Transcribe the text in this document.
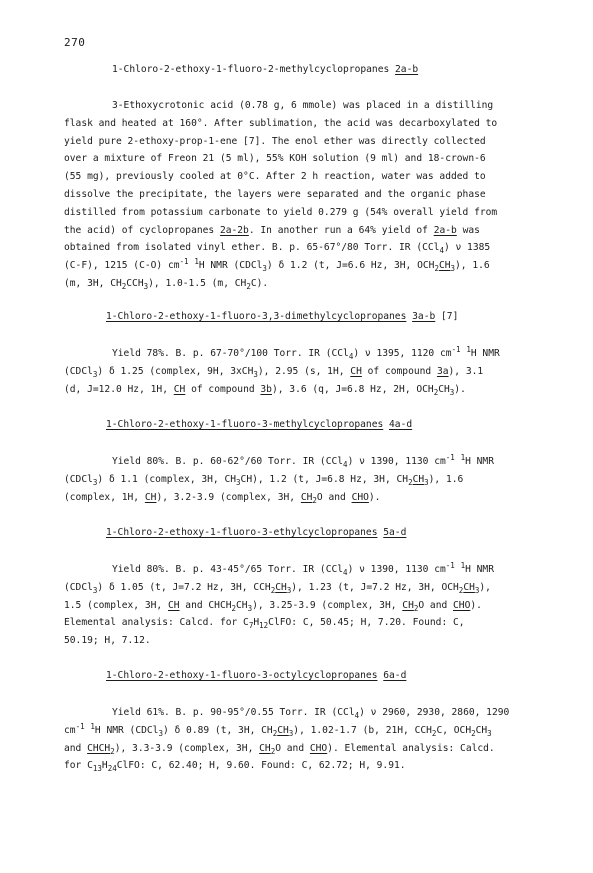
270
1-Chloro-2-ethoxy-1-fluoro-2-methylcyclopropanes 2a-b
3-Ethoxycrotonic acid (0.78 g, 6 mmole) was placed in a distilling
flask and heated at 160°. After sublimation, the acid was decarboxylated to
yield pure 2-ethoxy-prop-1-ene [7]. The enol ether was directly collected
over a mixture of Freon 21 (5 ml), 55% KOH solution (9 ml) and 18-crown-6
(55 mg), previously cooled at 0°C. After 2 h reaction, water was added to
dissolve the precipitate, the layers were separated and the organic phase
distilled from potassium carbonate to yield 0.279 g (54% overall yield from
the acid) of cyclopropanes 2a-2b. In another run a 64% yield of 2a-b was
obtained from isolated vinyl ether. B. p. 65-67°/80 Torr. IR (CCl$_4$) ν 1385
(C-F), 1215 (C-O) $cm^{-1}$ $^1$H NMR (CDCl$_3$) δ 1.2 (t, J=6.6 Hz, 3H, $OCH_2CH_3$), 1.6
(m, 3H, $CH_2CCH_3$), 1.0-1.5 (m, $CH_2C$).
1-Chloro-2-ethoxy-1-fluoro-3,3-dimethylcyclopropanes 3a-b [7]
Yield 78%. B. p. 67-70°/100 Torr. IR (CCl$_4$) ν 1395, 1120 $cm^{-1}$ $^1$H NMR
(CDCl$_3$) δ 1.25 (complex, 9H, 3xCH$_3$), 2.95 (s, 1H, CH of compound 3a), 3.1
(d, J=12.0 Hz, 1H, CH of compound 3b), 3.6 (q, J=6.8 Hz, 2H, $OCH_2CH_3$).
1-Chloro-2-ethoxy-1-fluoro-3-methylcyclopropanes 4a-d
Yield 80%. B. p. 60-62°/60 Torr. IR (CCl$_4$) ν 1390, 1130 $cm^{-1}$ $^1$H NMR
(CDCl$_3$) δ 1.1 (complex, 3H, $CH_3CH$), 1.2 (t, J=6.8 Hz, 3H, $CH_2CH_3$), 1.6
(complex, 1H, CH), 3.2-3.9 (complex, 3H, $CH_2O$ and CHO).
1-Chloro-2-ethoxy-1-fluoro-3-ethylcyclopropanes 5a-d
Yield 80%. B. p. 43-45°/65 Torr. IR (CCl$_4$) ν 1390, 1130 $cm^{-1}$ $^1$H NMR
(CDCl$_3$) δ 1.05 (t, J=7.2 Hz, 3H, $CCH_2CH_3$), 1.23 (t, J=7.2 Hz, 3H, $OCH_2CH_3$),
1.5 (complex, 3H, CH and $CHCH_2CH_3$), 3.25-3.9 (complex, 3H, $CH_2O$ and CHO).
Elemental analysis: Calcd. for $C_7H_{12}ClFO$: C, 50.45; H, 7.20. Found: C,
50.19; H, 7.12.
1-Chloro-2-ethoxy-1-fluoro-3-octylcyclopropanes 6a-d
Yield 61%. B. p. 90-95°/0.55 Torr. IR (CCl$_4$) ν 2960, 2930, 2860, 1290
$cm^{-1}$ $^1$H NMR (CDCl$_3$) δ 0.89 (t, 3H, $CH_2CH_3$), 1.02-1.7 (b, 21H, $CCH_2C$, $OCH_2CH_3$
and $CHCH_2$), 3.3-3.9 (complex, 3H, $CH_2O$ and CHO). Elemental analysis: Calcd.
for $C_{13}H_{24}ClFO$: C, 62.40; H, 9.60. Found: C, 62.72; H, 9.91.
